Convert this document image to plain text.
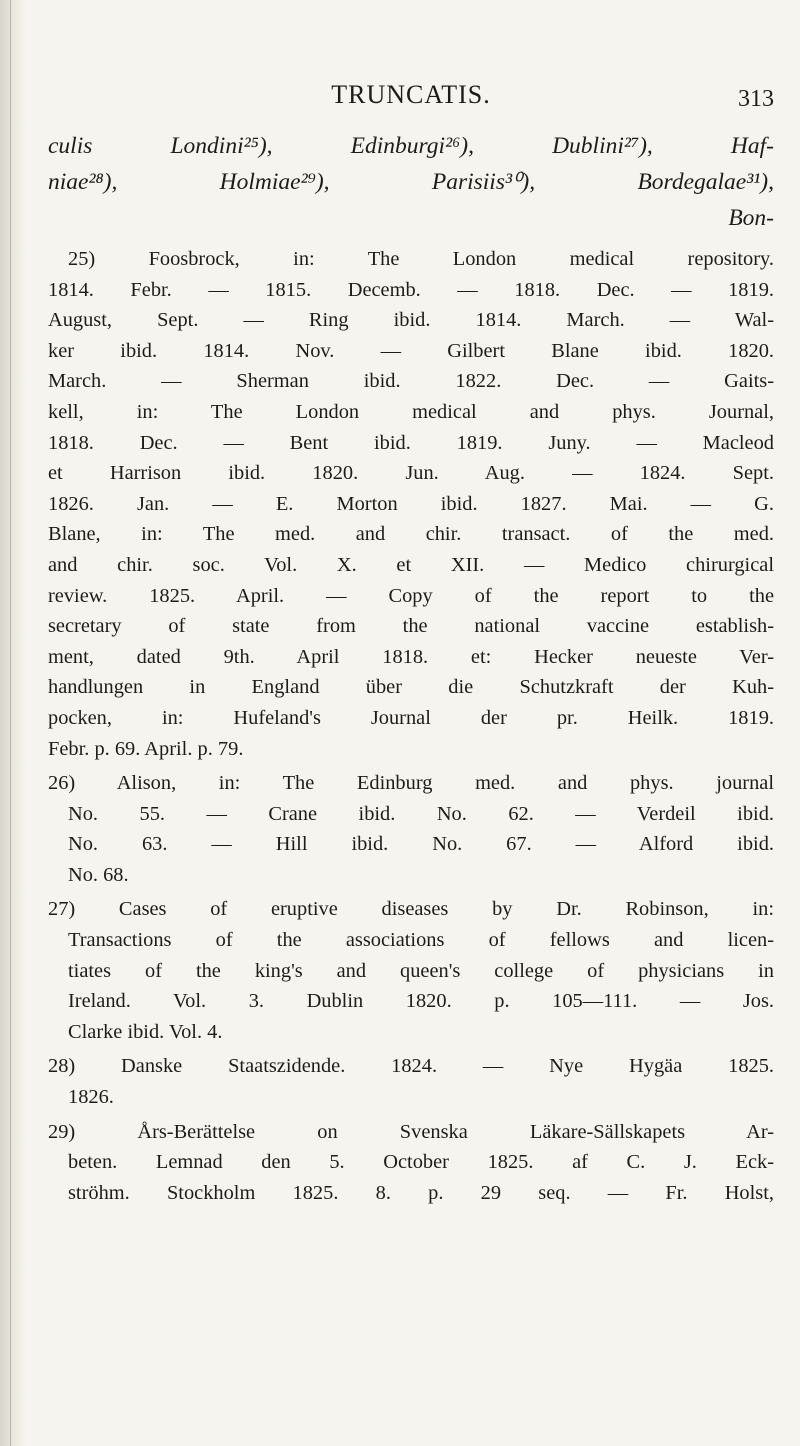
TRUNCATIS.	313

culis Londini²⁵), Edinburgi²⁶), Dublini²⁷), Haf-

niae²⁸), Holmiae²⁹), Parisiis³⁰), Bordegalae³¹),

Bon-

25) Foosbrock, in: The London medical repository.

1814. Febr. — 1815. Decemb. — 1818. Dec. — 1819.

August, Sept. — Ring ibid. 1814. March. — Wal-

ker ibid. 1814. Nov. — Gilbert Blane ibid. 1820.

March. — Sherman ibid. 1822. Dec. — Gaits-

kell, in: The London medical and phys. Journal,

1818. Dec. — Bent ibid. 1819. Juny. — Macleod

et Harrison ibid. 1820. Jun. Aug. — 1824. Sept.

1826. Jan. — E. Morton ibid. 1827. Mai. — G.

Blane, in: The med. and chir. transact. of the med.

and chir. soc. Vol. X. et XII. — Medico chirurgical

review. 1825. April. — Copy of the report to the

secretary of state from the national vaccine establish-

ment, dated 9th. April 1818. et: Hecker neueste Ver-

handlungen in England über die Schutzkraft der Kuh-

pocken, in: Hufeland's Journal der pr. Heilk. 1819.

Febr. p. 69. April. p. 79.

26) Alison, in: The Edinburg med. and phys. journal

No. 55. — Crane ibid. No. 62. — Verdeil ibid.

No. 63. — Hill ibid. No. 67. — Alford ibid.

No. 68.

27) Cases of eruptive diseases by Dr. Robinson, in:

Transactions of the associations of fellows and licen-

tiates of the king's and queen's college of physicians in

Ireland. Vol. 3. Dublin 1820. p. 105—111. — Jos.

Clarke ibid. Vol. 4.

28) Danske Staatszidende. 1824. — Nye Hygäa 1825.

1826.

29) Års-Berättelse on Svenska Läkare-Sällskapets Ar-

beten. Lemnad den 5. October 1825. af C. J. Eck-

ströhm. Stockholm 1825. 8. p. 29 seq. — Fr. Holst,
